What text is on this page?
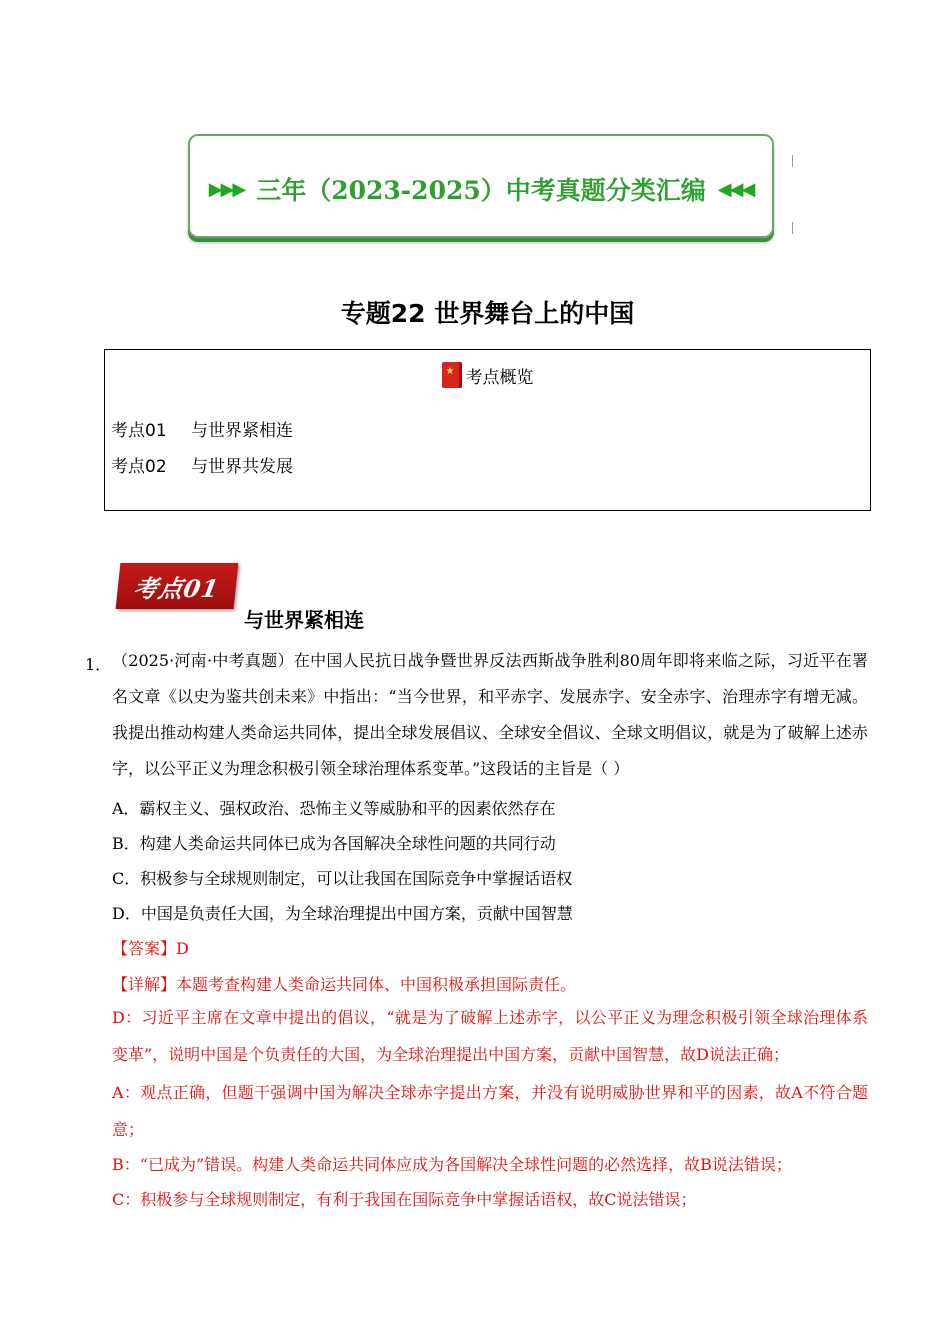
▶▶▶ 三年（2023-2025）中考真题分类汇编 ◀◀◀
专题22 世界舞台上的中国
★
考点概览
考点01 与世界紧相连
考点02 与世界共发展
考点01
与世界紧相连
1． （2025·河南·中考真题）在中国人民抗日战争暨世界反法西斯战争胜利80周年即将来临之际，习近平在署名文章《以史为鉴共创未来》中指出：“当今世界，和平赤字、发展赤字、安全赤字、治理赤字有增无减。我提出推动构建人类命运共同体，提出全球发展倡议、全球安全倡议、全球文明倡议，就是为了破解上述赤字，以公平正义为理念积极引领全球治理体系变革。”这段话的主旨是（ ）
A．霸权主义、强权政治、恐怖主义等威胁和平的因素依然存在
B．构建人类命运共同体已成为各国解决全球性问题的共同行动
C．积极参与全球规则制定，可以让我国在国际竞争中掌握话语权
D．中国是负责任大国，为全球治理提出中国方案，贡献中国智慧
【答案】D
【详解】本题考查构建人类命运共同体、中国积极承担国际责任。
D：习近平主席在文章中提出的倡议，“就是为了破解上述赤字，以公平正义为理念积极引领全球治理体系变革”，说明中国是个负责任的大国，为全球治理提出中国方案，贡献中国智慧，故D说法正确；
A：观点正确，但题干强调中国为解决全球赤字提出方案，并没有说明威胁世界和平的因素，故A不符合题意；
B：“已成为”错误。构建人类命运共同体应成为各国解决全球性问题的必然选择，故B说法错误；
C：积极参与全球规则制定，有利于我国在国际竞争中掌握话语权，故C说法错误；
